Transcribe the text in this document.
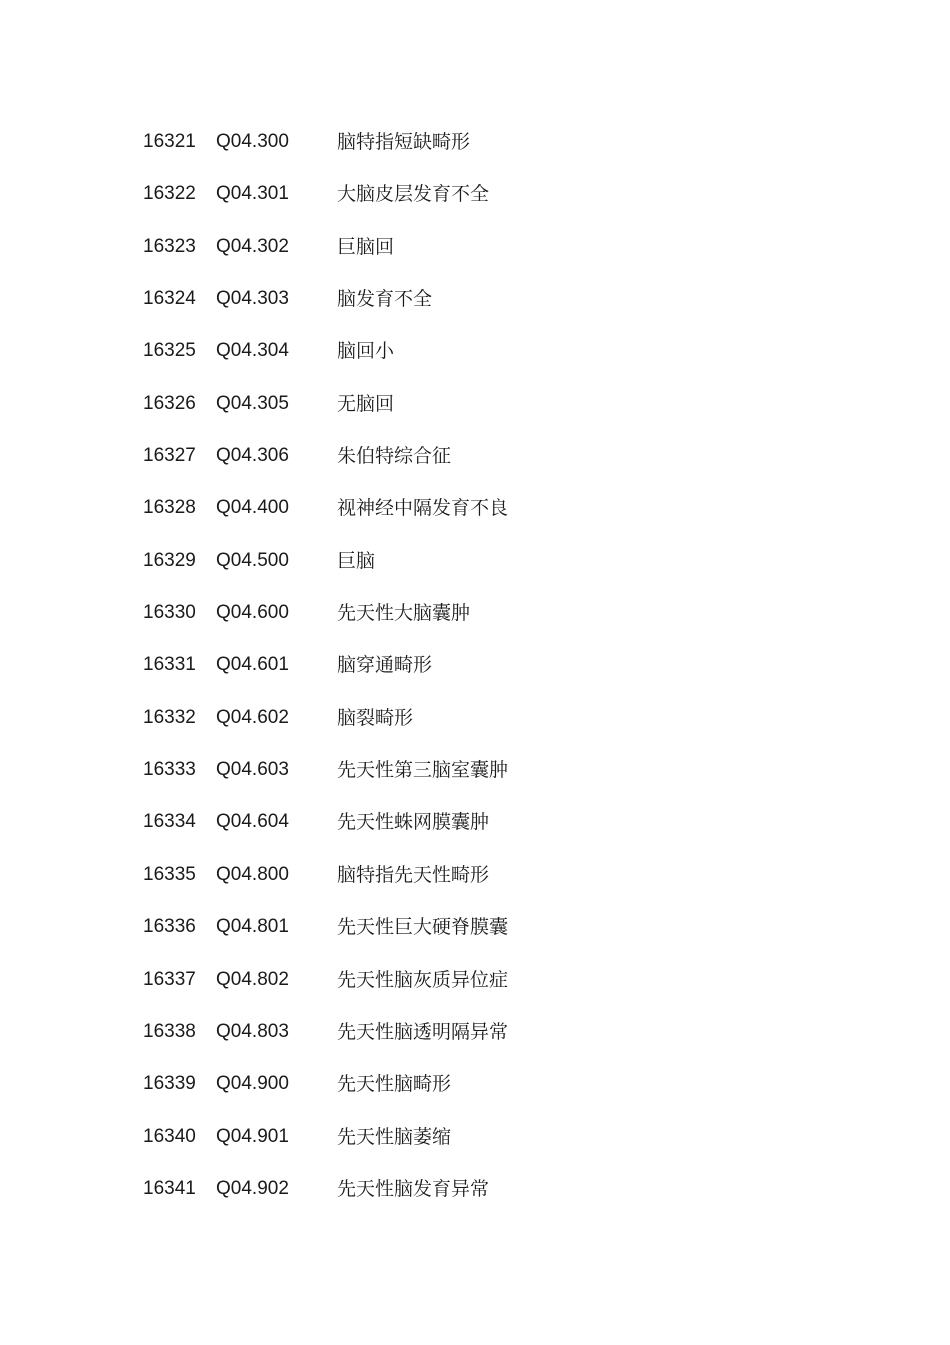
16321 Q04.300	脑特指短缺畸形
16322 Q04.301	大脑皮层发育不全
16323 Q04.302	巨脑回
16324 Q04.303	脑发育不全
16325 Q04.304	脑回小
16326 Q04.305	无脑回
16327 Q04.306	朱伯特综合征
16328 Q04.400	视神经中隔发育不良
16329 Q04.500	巨脑
16330 Q04.600	先天性大脑囊肿
16331 Q04.601	脑穿通畸形
16332 Q04.602	脑裂畸形
16333 Q04.603	先天性第三脑室囊肿
16334 Q04.604	先天性蛛网膜囊肿
16335 Q04.800	脑特指先天性畸形
16336 Q04.801	先天性巨大硬脊膜囊
16337 Q04.802	先天性脑灰质异位症
16338 Q04.803	先天性脑透明隔异常
16339 Q04.900	先天性脑畸形
16340 Q04.901	先天性脑萎缩
16341 Q04.902	先天性脑发育异常
